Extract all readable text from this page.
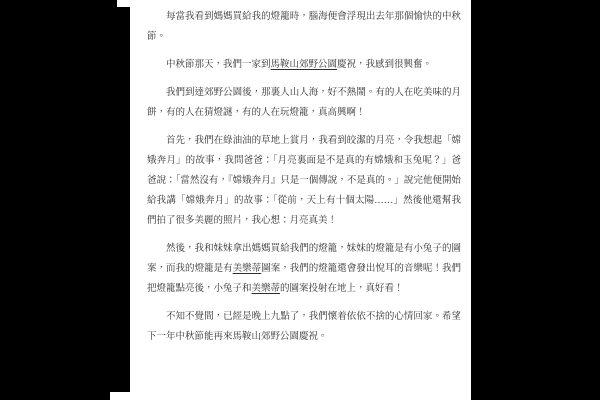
每當我看到媽媽買給我的燈籠時，腦海便會浮現出去年那個愉快的中秋節。

中秋節那天，我們一家到馬鞍山郊野公園慶祝，我感到很興奮。

我們到達郊野公園後，那裏人山人海，好不熱鬧。有的人在吃美味的月餅，有的人在猜燈謎，有的人在玩燈籠，真高興啊！

首先，我們在綠油油的草地上賞月，我看到皎潔的月亮，令我想起「嫦娥奔月」的故事，我問爸爸：「月亮裏面是不是真的有嫦娥和玉兔呢？」爸爸說：「當然沒有，『嫦娥奔月』只是一個傳說，不是真的。」說完他便開始給我講「嫦娥奔月」的故事：「從前，天上有十個太陽……」然後他還幫我們拍了很多美麗的照片，我心想：月亮真美！

然後，我和妹妹拿出媽媽買給我們的燈籠，妹妹的燈籠是有小兔子的圖案，而我的燈籠是有美樂蒂圖案，我們的燈籠還會發出悅耳的音樂呢！我們把燈籠點亮後，小兔子和美樂蒂的圖案投射在地上，真好看！

不知不覺間，已經是晚上九點了，我們懷着依依不捨的心情回家。希望下一年中秋節能再來馬鞍山郊野公園慶祝。
